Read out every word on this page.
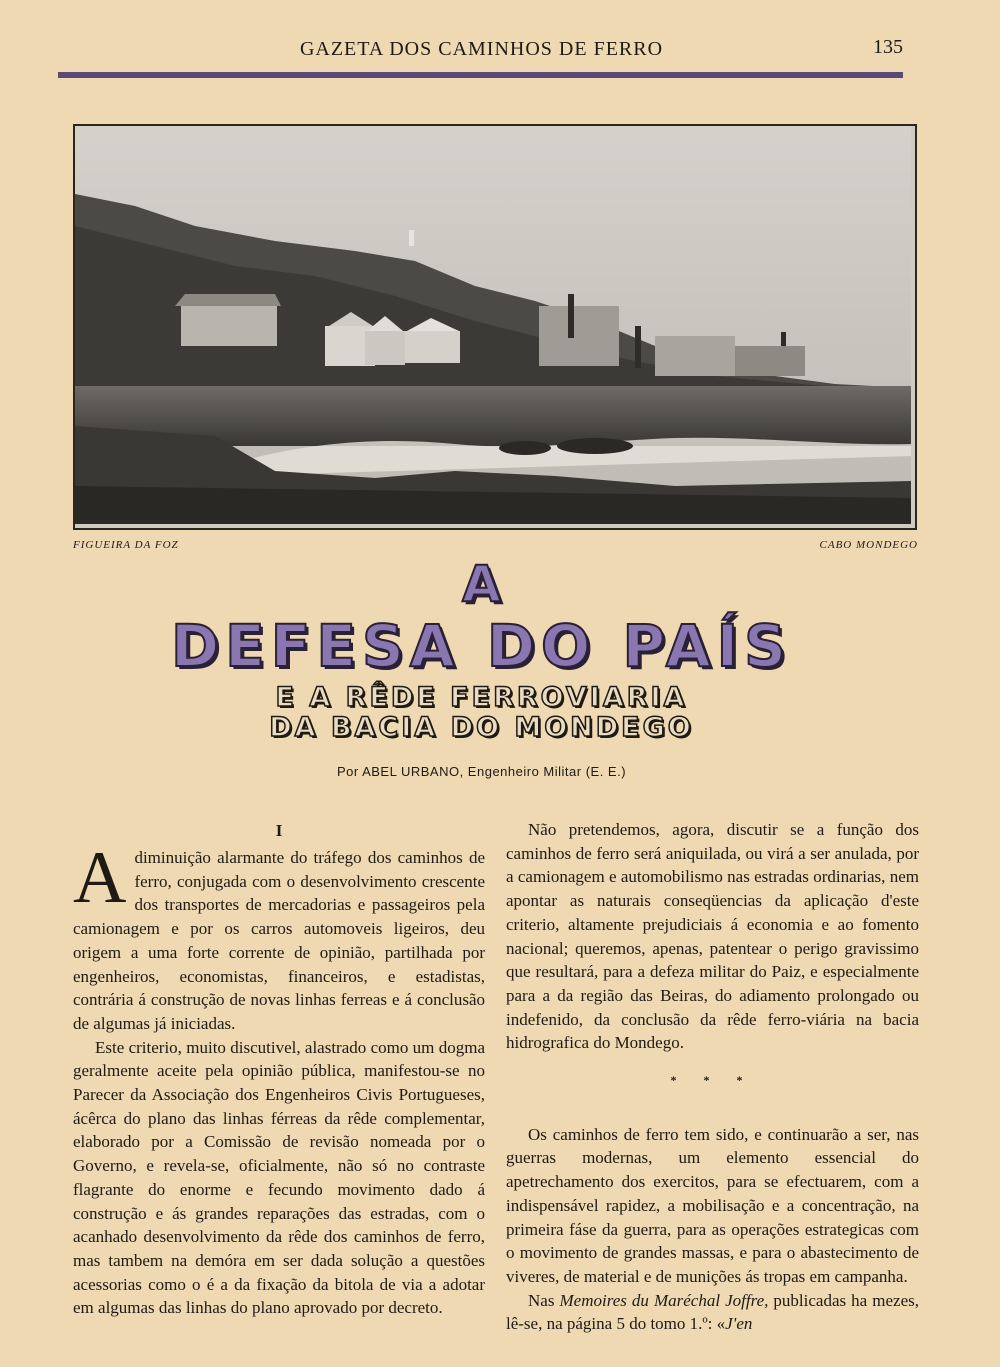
GAZETA DOS CAMINHOS DE FERRO	135
FIGUEIRA DA FOZ	CABO MONDEGO
A
DEFESA DO PAÍS
E A RÊDE FERROVIARIA
DA BACIA DO MONDEGO
Por ABEL URBANO, Engenheiro Militar (E. E.)
I

Adiminuição alarmante do tráfego dos caminhos de ferro, conjugada com o desenvolvimento crescente dos transportes de mercadorias e passageiros pela camionagem e por os carros automoveis ligeiros, deu origem a uma forte corrente de opinião, partilhada por engenheiros, economistas, financeiros, e estadistas, contrária á construção de novas linhas ferreas e á conclusão de algumas já iniciadas.

Este criterio, muito discutivel, alastrado como um dogma geralmente aceite pela opinião pública, manifestou-se no Parecer da Associação dos Engenheiros Civis Portugueses, ácêrca do plano das linhas férreas da rêde complementar, elaborado por a Comissão de revisão nomeada por o Governo, e revela-se, oficialmente, não só no contraste flagrante do enorme e fecundo movimento dado á construção e ás grandes reparações das estradas, com o acanhado desenvolvimento da rêde dos caminhos de ferro, mas tambem na demóra em ser dada solução a questões acessorias como o é a da fixação da bitola de via a adotar em algumas das linhas do plano aprovado por decreto.

Não pretendemos, agora, discutir se a função dos caminhos de ferro será aniquilada, ou virá a ser anulada, por a camionagem e automobilismo nas estradas ordinarias, nem apontar as naturais conseqüencias da aplicação d'este criterio, altamente prejudiciais á economia e ao fomento nacional; queremos, apenas, patentear o perigo gravissimo que resultará, para a defeza militar do Paiz, e especialmente para a da região das Beiras, do adiamento prolongado ou indefenido, da conclusão da rêde ferro-viária na bacia hidrografica do Mondego.

* * *

Os caminhos de ferro tem sido, e continuarão a ser, nas guerras modernas, um elemento essencial do apetrechamento dos exercitos, para se efectuarem, com a indispensável rapidez, a mobilisação e a concentração, na primeira fáse da guerra, para as operações estrategicas com o movimento de grandes massas, e para o abastecimento de viveres, de material e de munições ás tropas em campanha.

Nas Memoires du Maréchal Joffre, publicadas ha mezes, lê-se, na página 5 do tomo 1.º: «J'en
